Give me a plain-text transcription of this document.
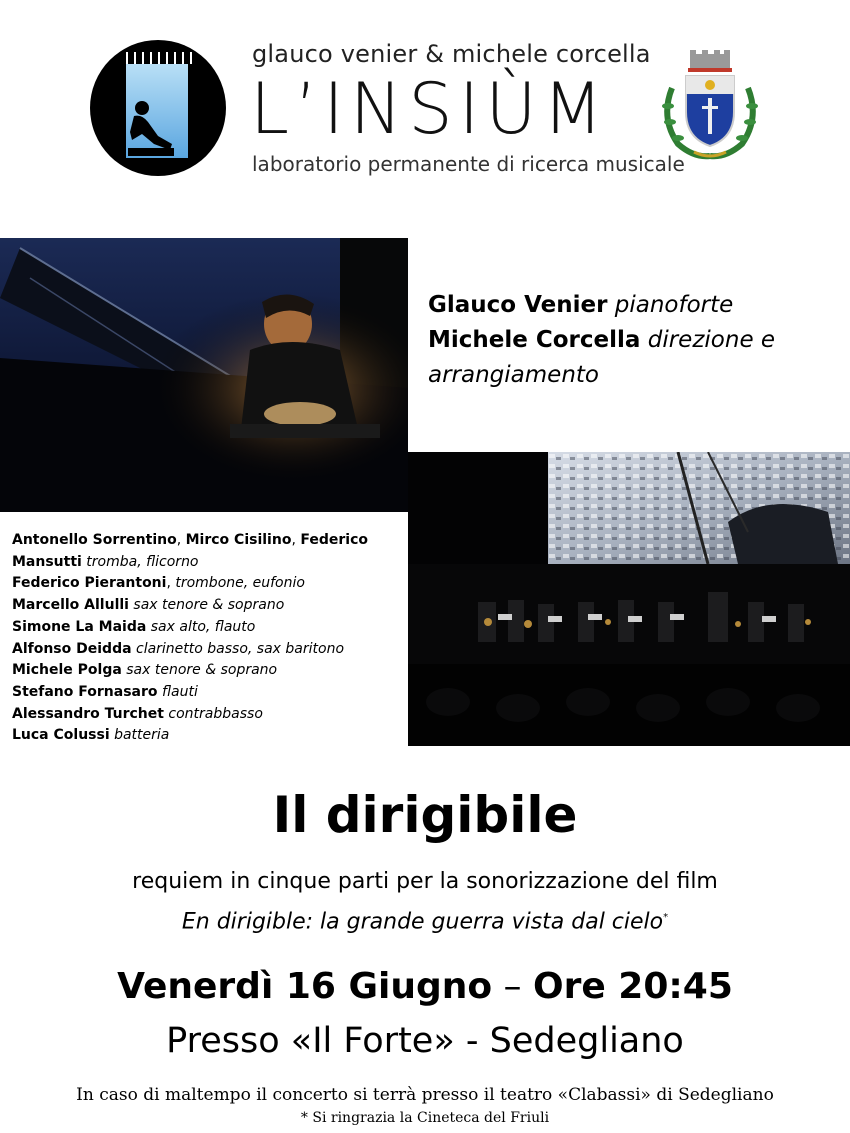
glauco venier & michele corcella
L’INSIÙM
laboratorio permanente di ricerca musicale
Glauco Venier pianoforte
Michele Corcella direzione e arrangiamento
Antonello Sorrentino, Mirco Cisilino, Federico Mansutti tromba, flicorno
Federico Pierantoni, trombone, eufonio
Marcello Allulli sax tenore & soprano
Simone La Maida sax alto, flauto
Alfonso Deidda clarinetto basso, sax baritono
Michele Polga sax tenore & soprano
Stefano Fornasaro flauti
Alessandro Turchet contrabbasso
Luca Colussi batteria
Il dirigibile
requiem in cinque parti per la sonorizzazione del film
En dirigible: la grande guerra vista dal cielo*
Venerdì 16 Giugno – Ore 20:45
Presso «Il Forte» - Sedegliano
In caso di maltempo il concerto si terrà presso il teatro «Clabassi» di Sedegliano
* Si ringrazia la Cineteca del Friuli
